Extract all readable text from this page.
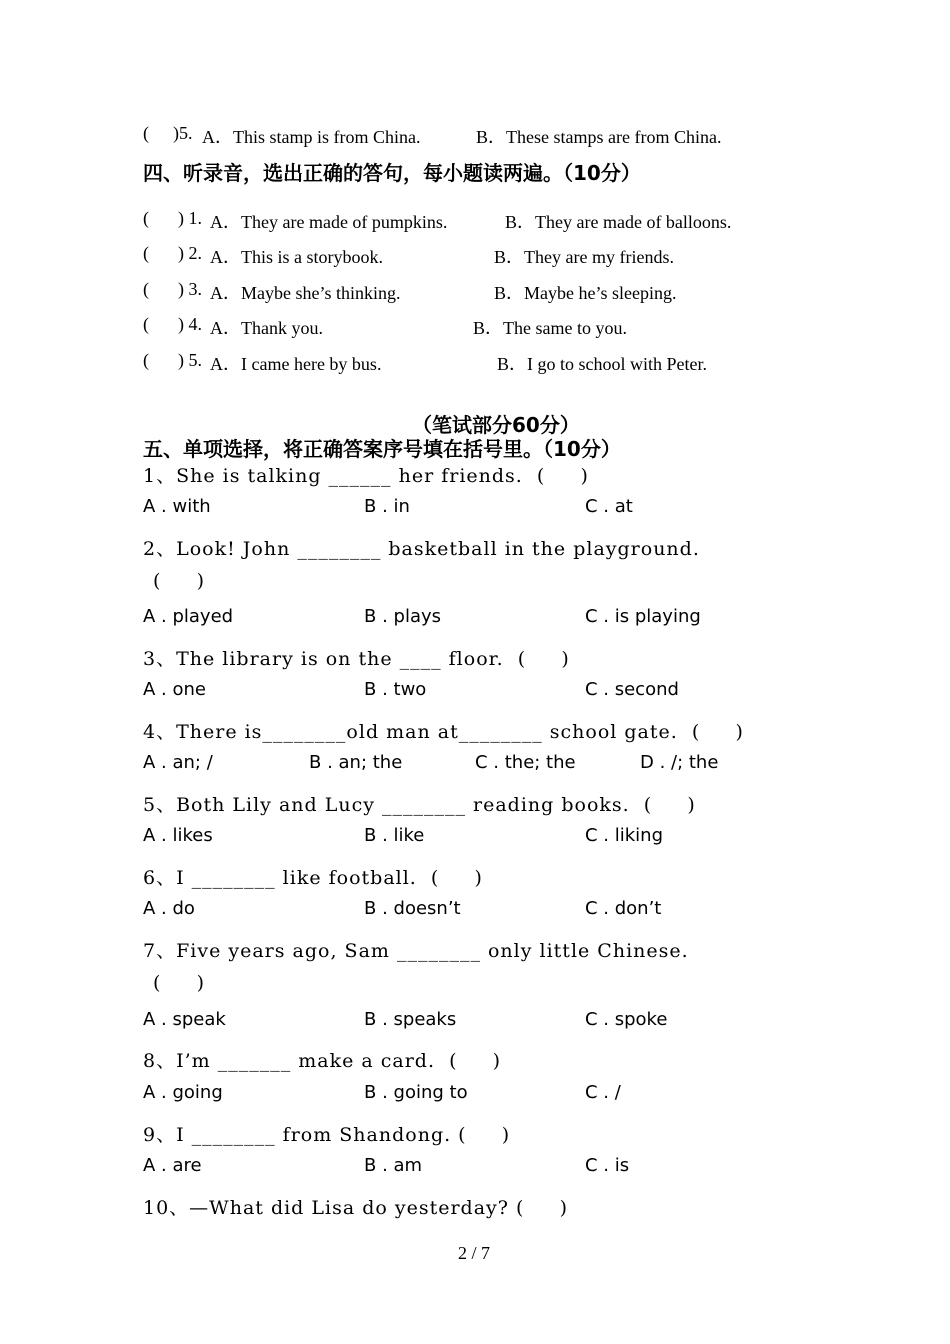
( )5. A．This stamp is from China.	B．These stamps are from China.
四、听录音，选出正确的答句，每小题读两遍。（10分）
( ) 1. A．They are made of pumpkins.	B．They are made of balloons.
( ) 2. A．This is a storybook.	B．They are my friends.
( ) 3. A．Maybe she’s thinking.	B．Maybe he’s sleeping.
( ) 4. A．Thank you.	B．The same to you.
( ) 5. A．I came here by bus.	B．I go to school with Peter.
（笔试部分60分）
五、单项选择，将正确答案序号填在括号里。（10分）
1、She is talking ______ her friends.  (     )
A . with	B . in	C . at
2、Look! John ________ basketball in the playground.
(     )
A . played	B . plays	C . is playing
3、The library is on the ____ floor.  (     )
A . one	B . two	C . second
4、There is________old man at________ school gate.  (     )
A . an; /	B . an; the	C . the; the	D . /; the
5、Both Lily and Lucy ________ reading books.  (     )
A . likes	B . like	C . liking
6、I ________ like football.  (     )
A . do	B . doesn’t	C . don’t
7、Five years ago, Sam ________ only little Chinese.
(     )
A . speak	B . speaks	C . spoke
8、I’m _______ make a card.  (     )
A . going	B . going to	C . /
9、I ________ from Shandong. (     )
A . are	B . am	C . is
10、—What did Lisa do yesterday? (     )
2 / 7
